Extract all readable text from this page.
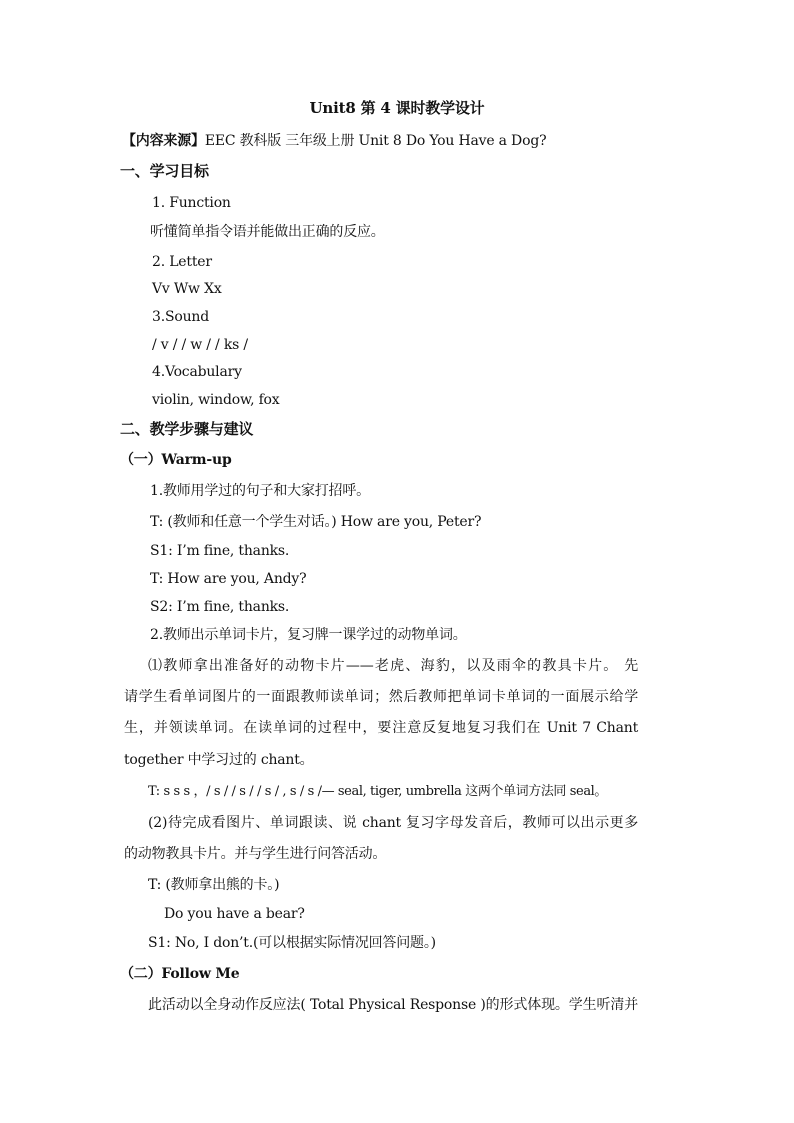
Unit8 第 4 课时教学设计
【内容来源】EEC 教科版 三年级上册 Unit 8 Do You Have a Dog?
一、学习目标
1. Function
听懂简单指令语并能做出正确的反应。
2. Letter
Vv Ww Xx
3.Sound
/ v / / w / / ks /
4.Vocabulary
violin, window, fox
二、教学步骤与建议
（一）Warm-up
1.教师用学过的句子和大家打招呼。
T: (教师和任意一个学生对话。) How are you, Peter?
S1: I’m fine, thanks.
T: How are you, Andy?
S2: I’m fine, thanks.
2.教师出示单词卡片，复习牌一课学过的动物单词。
⑴教师拿出准备好的动物卡片——老虎、海豹，以及雨伞的教具卡片。 先
请学生看单词图片的一面跟教师读单词；然后教师把单词卡单词的一面展示给学
生，并领读单词。在读单词的过程中，要注意反复地复习我们在 Unit 7 Chant
together 中学习过的 chant。
T: s s s ，/ s / / s / / s / , s / s /— seal, tiger, umbrella 这两个单词方法同 seal。
(2)待完成看图片、单词跟读、说 chant 复习字母发音后，教师可以出示更多
的动物教具卡片。并与学生进行问答活动。
T: (教师拿出熊的卡。)
Do you have a bear?
S1: No, I don’t.(可以根据实际情况回答问题。)
（二）Follow Me
此活动以全身动作反应法( Total Physical Response )的形式体现。学生听清并
